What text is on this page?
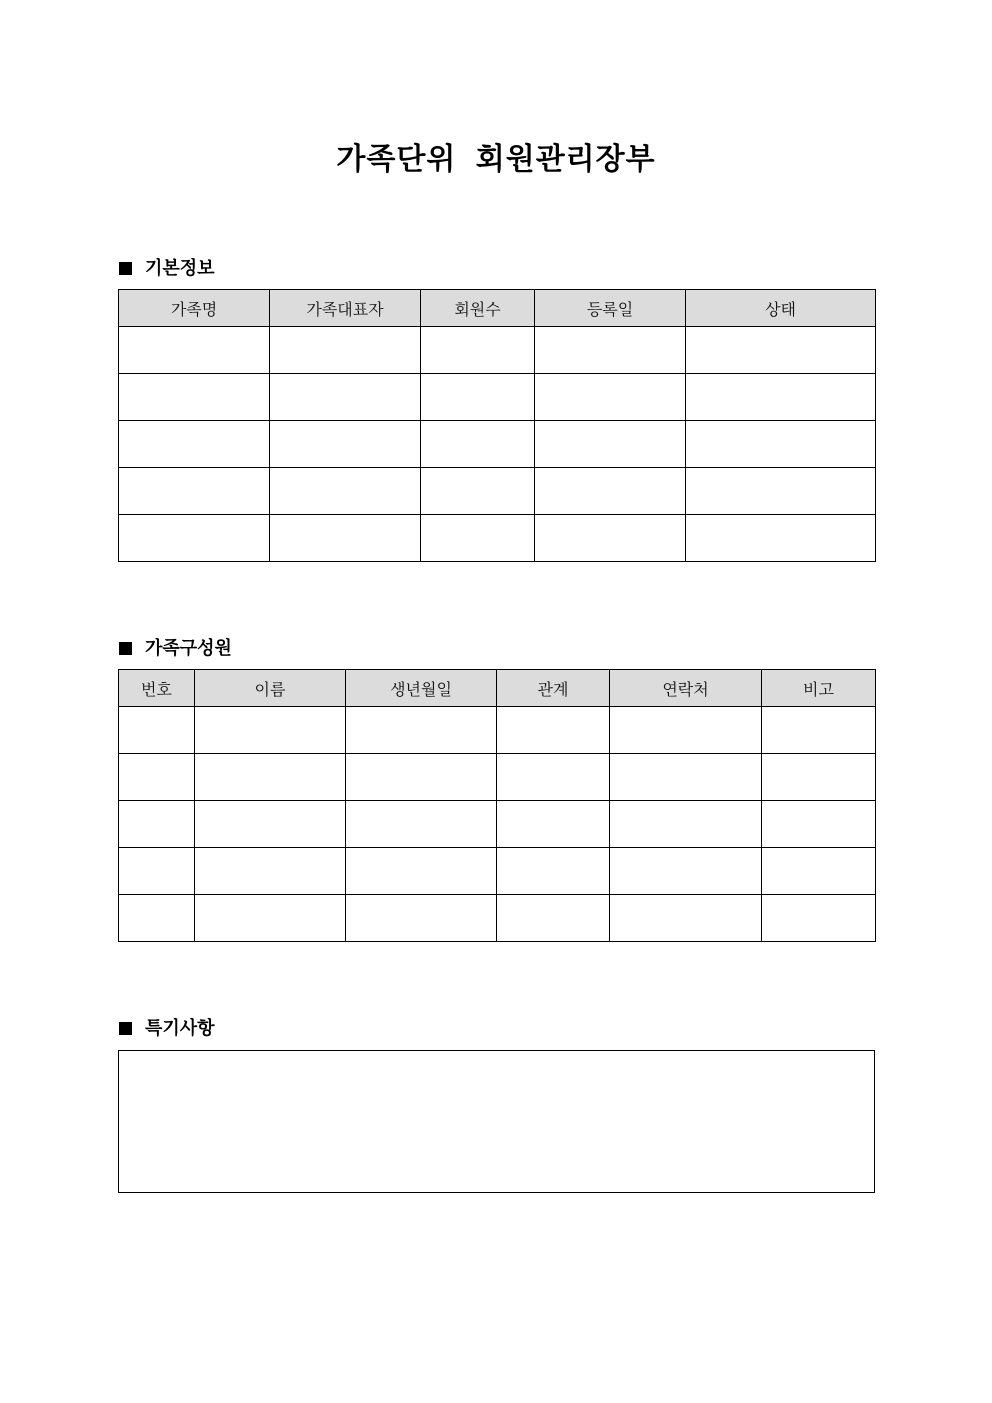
가족단위 회원관리장부
기본정보
가족명	가족대표자	회원수	등록일	상태

가족구성원
번호	이름	생년월일	관계	연락처	비고

특기사항
